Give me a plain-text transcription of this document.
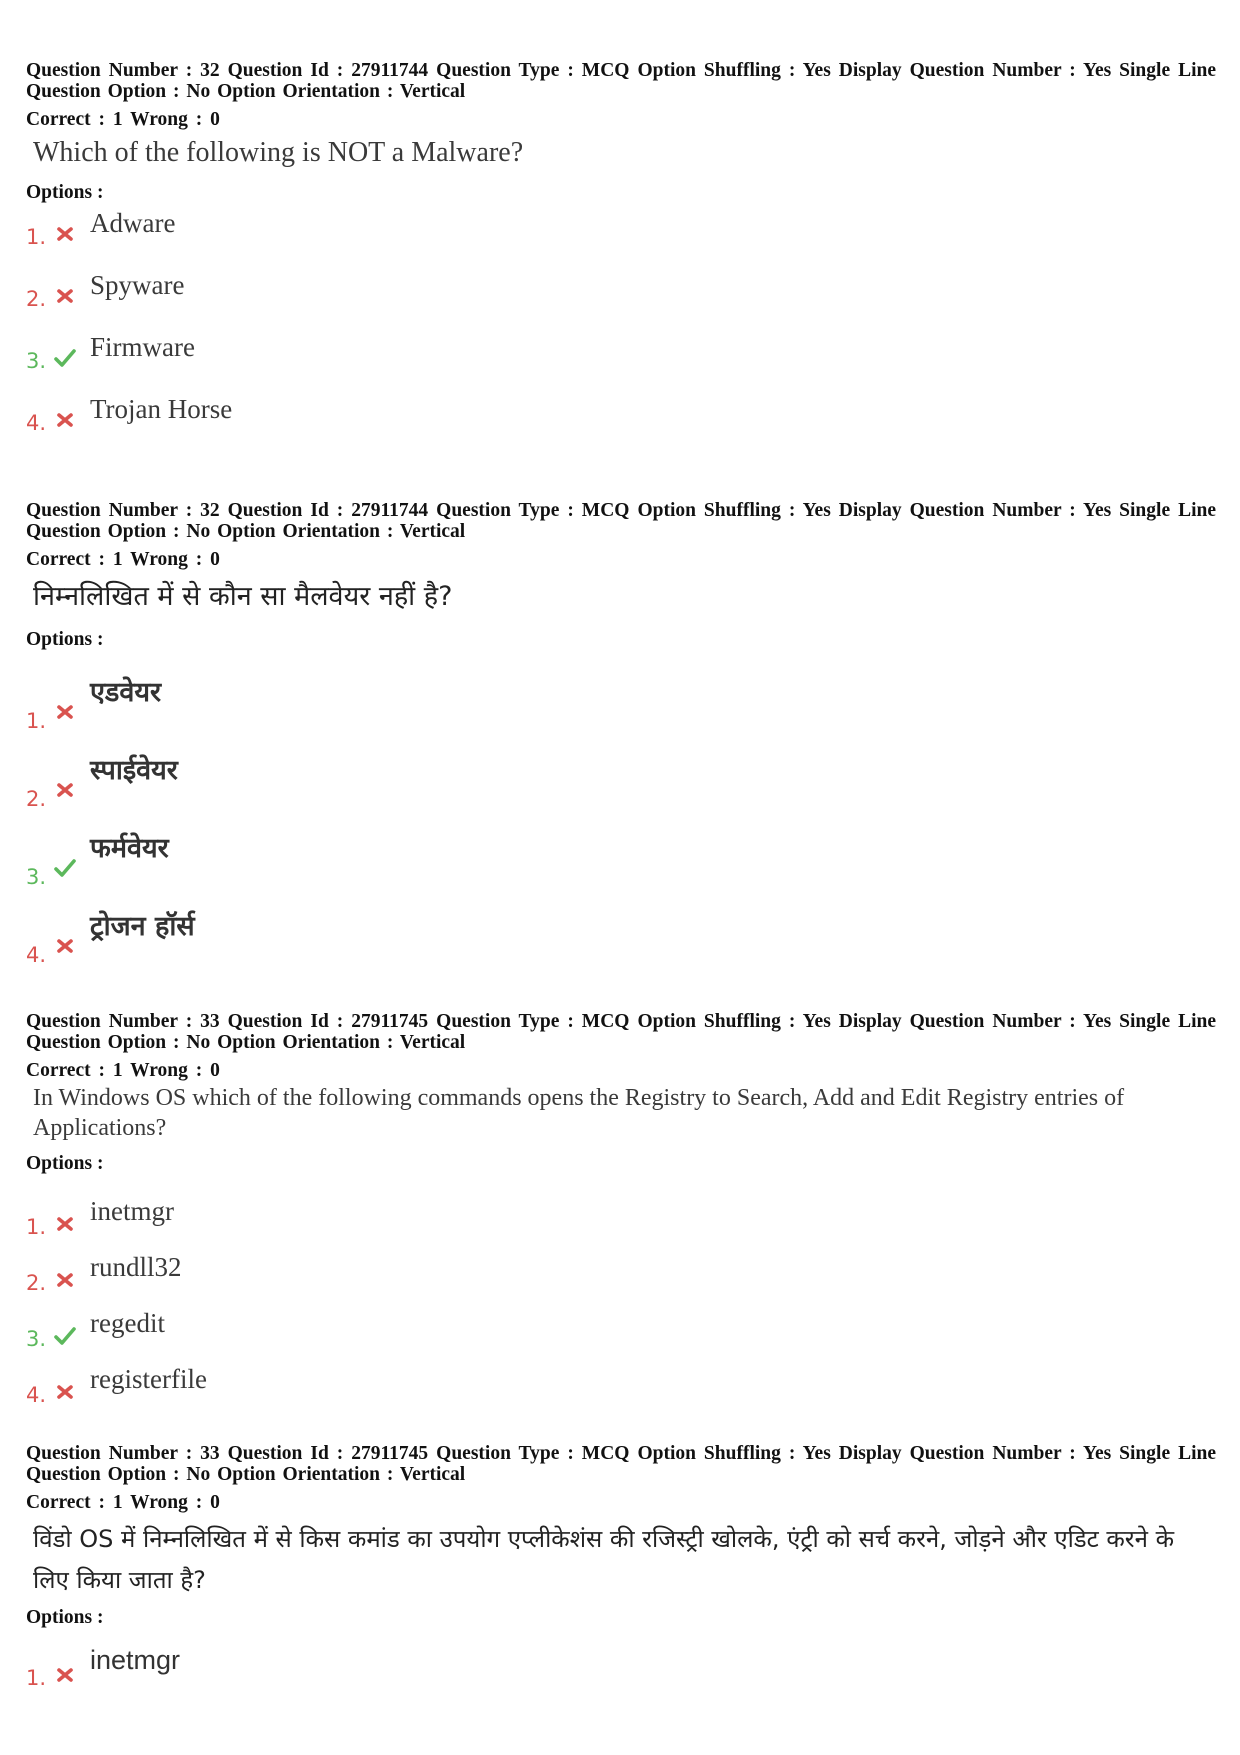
Question Number : 32 Question Id : 27911744 Question Type : MCQ Option Shuffling : Yes Display Question Number : Yes Single Line Question Option : No Option Orientation : Vertical
Correct : 1 Wrong : 0
Which of the following is NOT a Malware?
Options :
1. Adware
2. Spyware
3. Firmware
4. Trojan Horse
Question Number : 32 Question Id : 27911744 Question Type : MCQ Option Shuffling : Yes Display Question Number : Yes Single Line Question Option : No Option Orientation : Vertical
Correct : 1 Wrong : 0
निम्नलिखित में से कौन सा मैलवेयर नहीं है?
Options :
1.
एडवेयर
2.
स्पाईवेयर
3.
फर्मवेयर
4.
ट्रोजन हॉर्स
Question Number : 33 Question Id : 27911745 Question Type : MCQ Option Shuffling : Yes Display Question Number : Yes Single Line Question Option : No Option Orientation : Vertical
Correct : 1 Wrong : 0
In Windows OS which of the following commands opens the Registry to Search, Add and Edit Registry entries of Applications?
Options :
1.
inetmgr
2.
rundll32
3.
regedit
4.
registerfile
Question Number : 33 Question Id : 27911745 Question Type : MCQ Option Shuffling : Yes Display Question Number : Yes Single Line Question Option : No Option Orientation : Vertical
Correct : 1 Wrong : 0
विंडो OS में निम्नलिखित में से किस कमांड का उपयोग एप्लीकेशंस की रजिस्ट्री खोलके, एंट्री को सर्च करने, जोड़ने और एडिट करने के लिए किया जाता है?
Options :
1.
inetmgr
